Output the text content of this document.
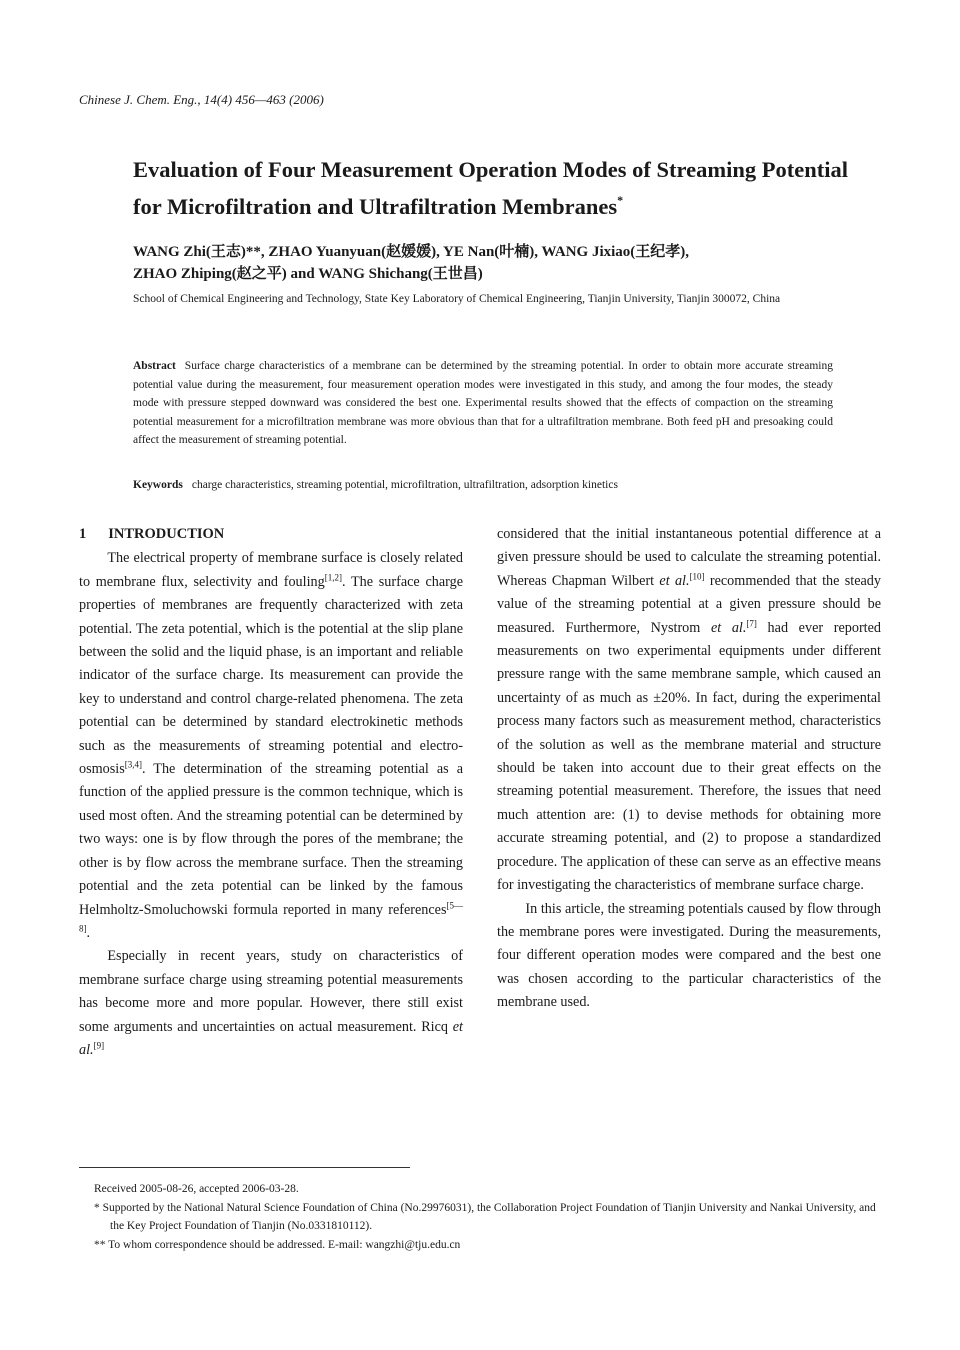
Chinese J. Chem. Eng., 14(4) 456—463 (2006)
Evaluation of Four Measurement Operation Modes of Streaming Potential for Microfiltration and Ultrafiltration Membranes*
WANG Zhi(王志)**, ZHAO Yuanyuan(赵媛媛), YE Nan(叶楠), WANG Jixiao(王纪孝),
ZHAO Zhiping(赵之平) and WANG Shichang(王世昌)
School of Chemical Engineering and Technology, State Key Laboratory of Chemical Engineering, Tianjin University, Tianjin 300072, China
Abstract Surface charge characteristics of a membrane can be determined by the streaming potential. In order to obtain more accurate streaming potential value during the measurement, four measurement operation modes were investigated in this study, and among the four modes, the steady mode with pressure stepped downward was considered the best one. Experimental results showed that the effects of compaction on the streaming potential measurement for a microfiltration membrane was more obvious than that for a ultrafiltration membrane. Both feed pH and presoaking could affect the measurement of streaming potential.
Keywords charge characteristics, streaming potential, microfiltration, ultrafiltration, adsorption kinetics
1 INTRODUCTION

The electrical property of membrane surface is closely related to membrane flux, selectivity and fouling[1,2]. The surface charge properties of membranes are frequently characterized with zeta potential. The zeta potential, which is the potential at the slip plane between the solid and the liquid phase, is an important and reliable indicator of the surface charge. Its measurement can provide the key to understand and control charge-related phenomena. The zeta potential can be determined by standard electrokinetic methods such as the measurements of streaming potential and electro-osmosis[3,4]. The determination of the streaming potential as a function of the applied pressure is the common technique, which is used most often. And the streaming potential can be determined by two ways: one is by flow through the pores of the membrane; the other is by flow across the membrane surface. Then the streaming potential and the zeta potential can be linked by the famous Helmholtz-Smoluchowski formula reported in many references[5—8].

Especially in recent years, study on characteristics of membrane surface charge using streaming potential measurements has become more and more popular. However, there still exist some arguments and uncertainties on actual measurement. Ricq et al.[9]

considered that the initial instantaneous potential difference at a given pressure should be used to calculate the streaming potential. Whereas Chapman Wilbert et al.[10] recommended that the steady value of the streaming potential at a given pressure should be measured. Furthermore, Nystrom et al.[7] had ever reported measurements on two experimental equipments under different pressure range with the same membrane sample, which caused an uncertainty of as much as ±20%. In fact, during the experimental process many factors such as measurement method, characteristics of the solution as well as the membrane material and structure should be taken into account due to their great effects on the streaming potential measurement. Therefore, the issues that need much attention are: (1) to devise methods for obtaining more accurate streaming potential, and (2) to propose a standardized procedure. The application of these can serve as an effective means for investigating the characteristics of membrane surface charge.

In this article, the streaming potentials caused by flow through the membrane pores were investigated. During the measurements, four different operation modes were compared and the best one was chosen according to the particular characteristics of the membrane used.

Received 2005-08-26, accepted 2006-03-28.

* Supported by the National Natural Science Foundation of China (No.29976031), the Collaboration Project Foundation of Tianjin University and Nankai University, and the Key Project Foundation of Tianjin (No.0331810112).

** To whom correspondence should be addressed. E-mail: wangzhi@tju.edu.cn
